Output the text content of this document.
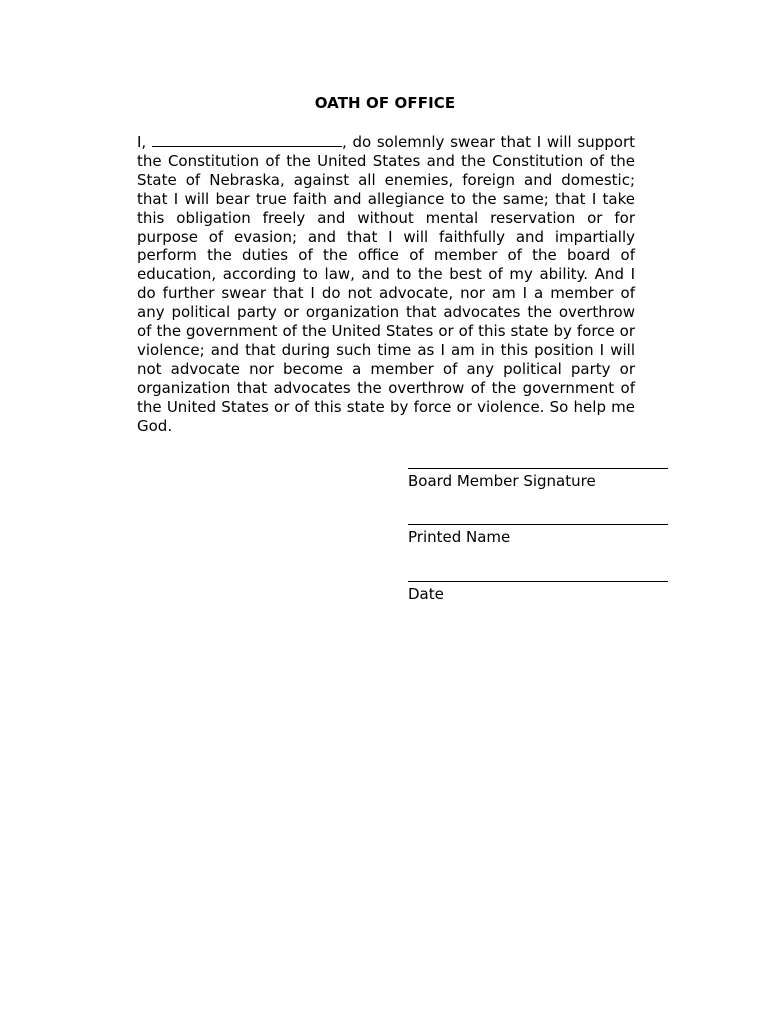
OATH OF OFFICE

I,	, do solemnly swear that I will support the Constitution of the United States and the Constitution of the State of Nebraska, against all enemies, foreign and domestic; that I will bear true faith and allegiance to the same; that I take this obligation freely and without mental reservation or for purpose of evasion; and that I will faithfully and impartially perform the duties of the office of member of the board of education, according to law, and to the best of my ability. And I do further swear that I do not advocate, nor am I a member of any political party or organization that advocates the overthrow of the government of the United States or of this state by force or violence; and that during such time as I am in this position I will not advocate nor become a member of any political party or organization that advocates the overthrow of the government of the United States or of this state by force or violence. So help me God.

Board Member Signature
Printed Name
Date
